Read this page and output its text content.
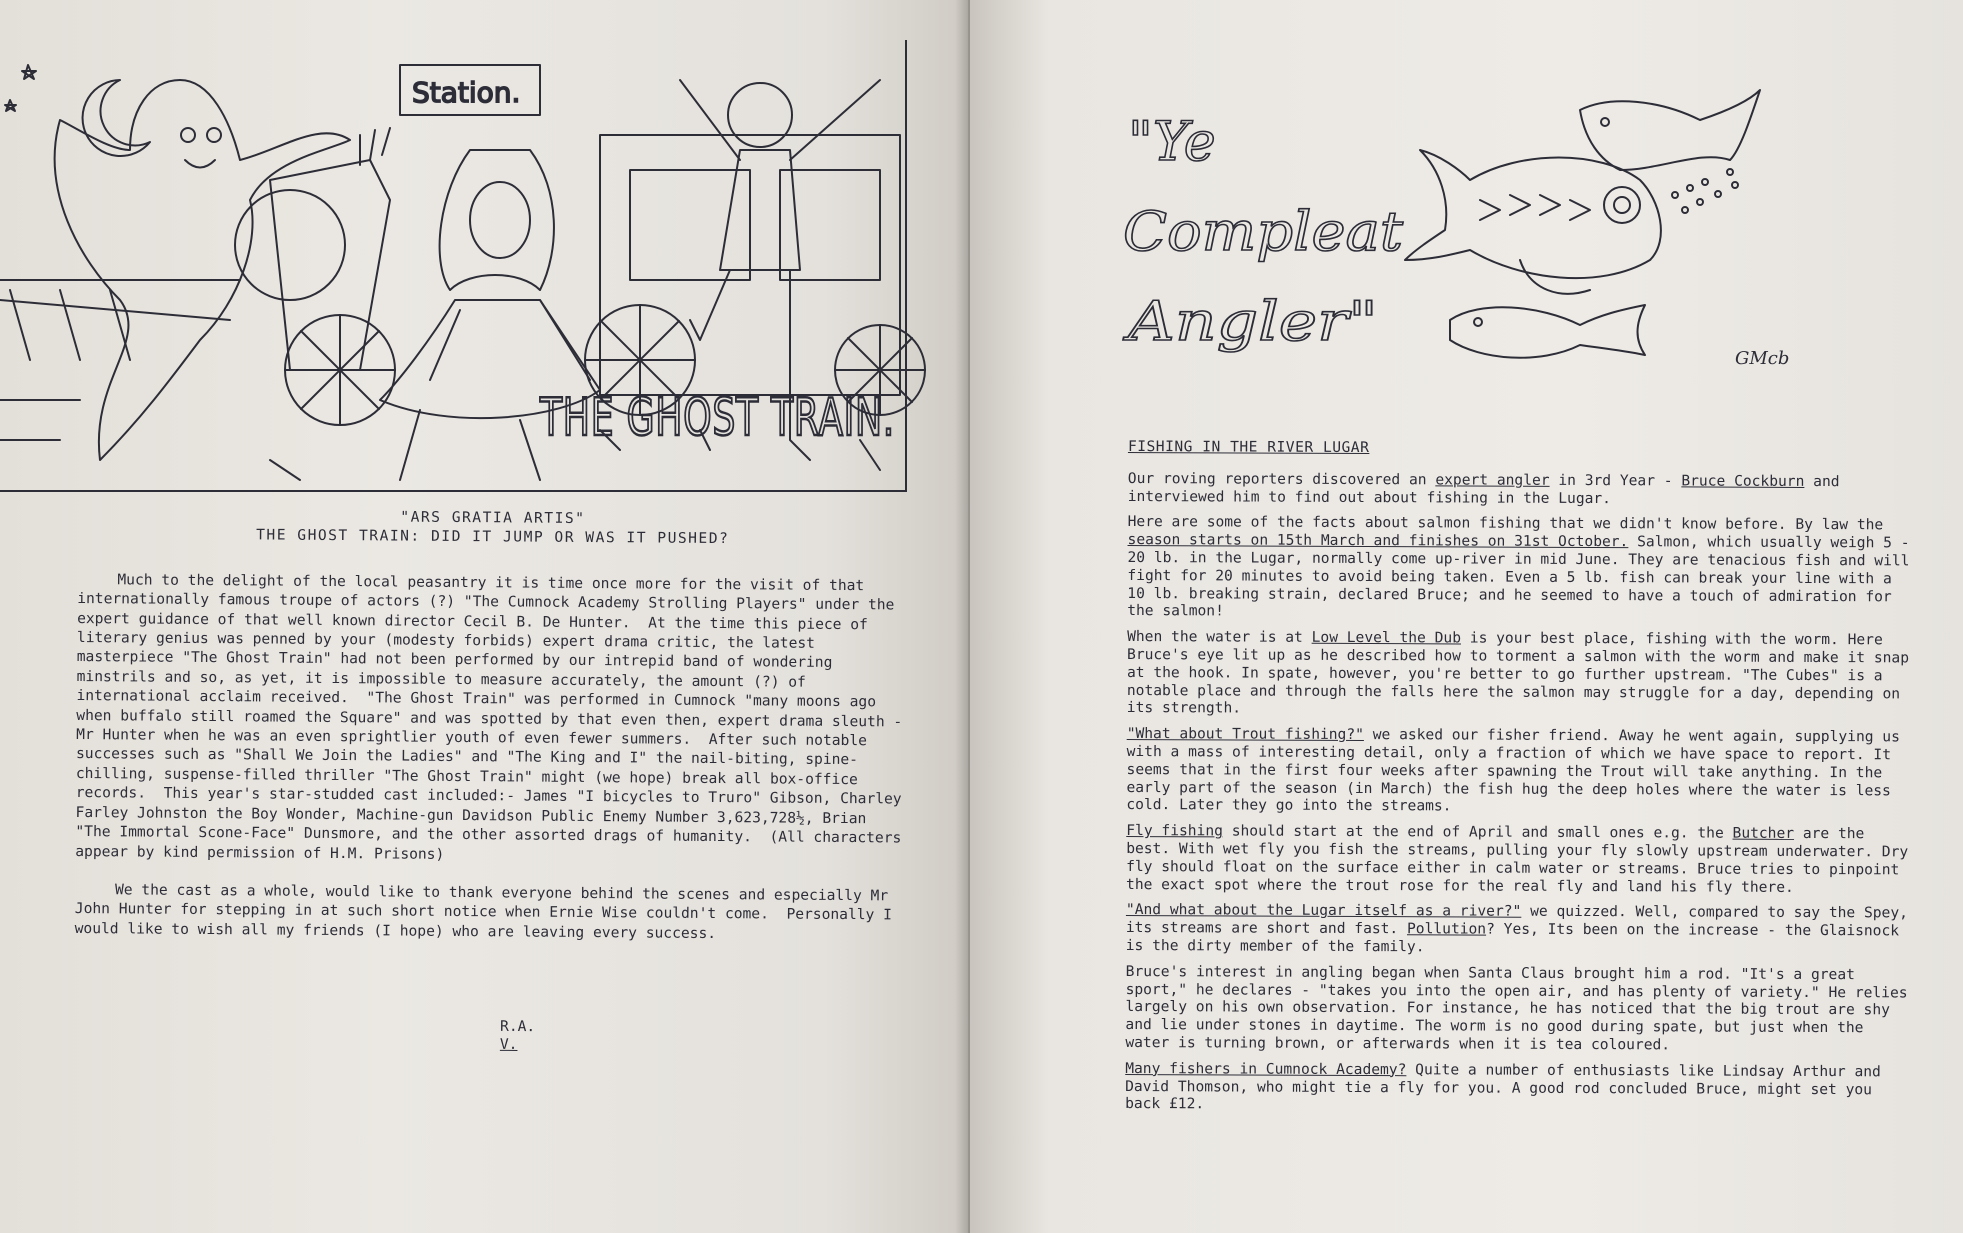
Station.
THE GHOST TRAIN.

"ARS GRATIA ARTIS"

THE GHOST TRAIN: DID IT JUMP OR WAS IT PUSHED?

Much to the delight of the local peasantry it is time once more for the visit of that internationally famous troupe of actors (?) "The Cumnock Academy Strolling Players" under the expert guidance of that well known director Cecil B. De Hunter.  At the time this piece of literary genius was penned by your (modesty forbids) expert drama critic, the latest masterpiece "The Ghost Train" had not been performed by our intrepid band of wondering minstrils and so, as yet, it is impossible to measure accurately, the amount (?) of international acclaim received.  "The Ghost Train" was performed in Cumnock "many moons ago when buffalo still roamed the Square" and was spotted by that even then, expert drama sleuth - Mr Hunter when he was an even sprightlier youth of even fewer summers.  After such notable successes such as "Shall We Join the Ladies" and "The King and I" the nail-biting, spine-chilling, suspense-filled thriller "The Ghost Train" might (we hope) break all box-office records.  This year's star-studded cast included:- James "I bicycles to Truro" Gibson, Charley Farley Johnston the Boy Wonder, Machine-gun Davidson Public Enemy Number 3,623,728½, Brian "The Immortal Scone-Face" Dunsmore, and the other assorted drags of humanity.  (All characters appear by kind permission of H.M. Prisons)

We the cast as a whole, would like to thank everyone behind the scenes and especially Mr John Hunter for stepping in at such short notice when Ernie Wise couldn't come.  Personally I would like to wish all my friends (I hope) who are leaving every success.

R.A.
V.
"Ye
Compleat
Angler"
GMcb

FISHING IN THE RIVER LUGAR

Our roving reporters discovered an expert angler in 3rd Year - Bruce Cockburn and interviewed him to find out about fishing in the Lugar.

Here are some of the facts about salmon fishing that we didn't know before. By law the season starts on 15th March and finishes on 31st October. Salmon, which usually weigh 5 - 20 lb. in the Lugar, normally come up-river in mid June. They are tenacious fish and will fight for 20 minutes to avoid being taken. Even a 5 lb. fish can break your line with a 10 lb. breaking strain, declared Bruce; and he seemed to have a touch of admiration for the salmon!

When the water is at Low Level the Dub is your best place, fishing with the worm. Here Bruce's eye lit up as he described how to torment a salmon with the worm and make it snap at the hook. In spate, however, you're better to go further upstream. "The Cubes" is a notable place and through the falls here the salmon may struggle for a day, depending on its strength.

"What about Trout fishing?" we asked our fisher friend. Away he went again, supplying us with a mass of interesting detail, only a fraction of which we have space to report. It seems that in the first four weeks after spawning the Trout will take anything. In the early part of the season (in March) the fish hug the deep holes where the water is less cold. Later they go into the streams.

Fly fishing should start at the end of April and small ones e.g. the Butcher are the best. With wet fly you fish the streams, pulling your fly slowly upstream underwater. Dry fly should float on the surface either in calm water or streams. Bruce tries to pinpoint the exact spot where the trout rose for the real fly and land his fly there.

"And what about the Lugar itself as a river?" we quizzed. Well, compared to say the Spey, its streams are short and fast. Pollution? Yes, Its been on the increase - the Glaisnock is the dirty member of the family.

Bruce's interest in angling began when Santa Claus brought him a rod. "It's a great sport," he declares - "takes you into the open air, and has plenty of variety." He relies largely on his own observation. For instance, he has noticed that the big trout are shy and lie under stones in daytime. The worm is no good during spate, but just when the water is turning brown, or afterwards when it is tea coloured.

Many fishers in Cumnock Academy? Quite a number of enthusiasts like Lindsay Arthur and David Thomson, who might tie a fly for you. A good rod concluded Bruce, might set you back £12.
